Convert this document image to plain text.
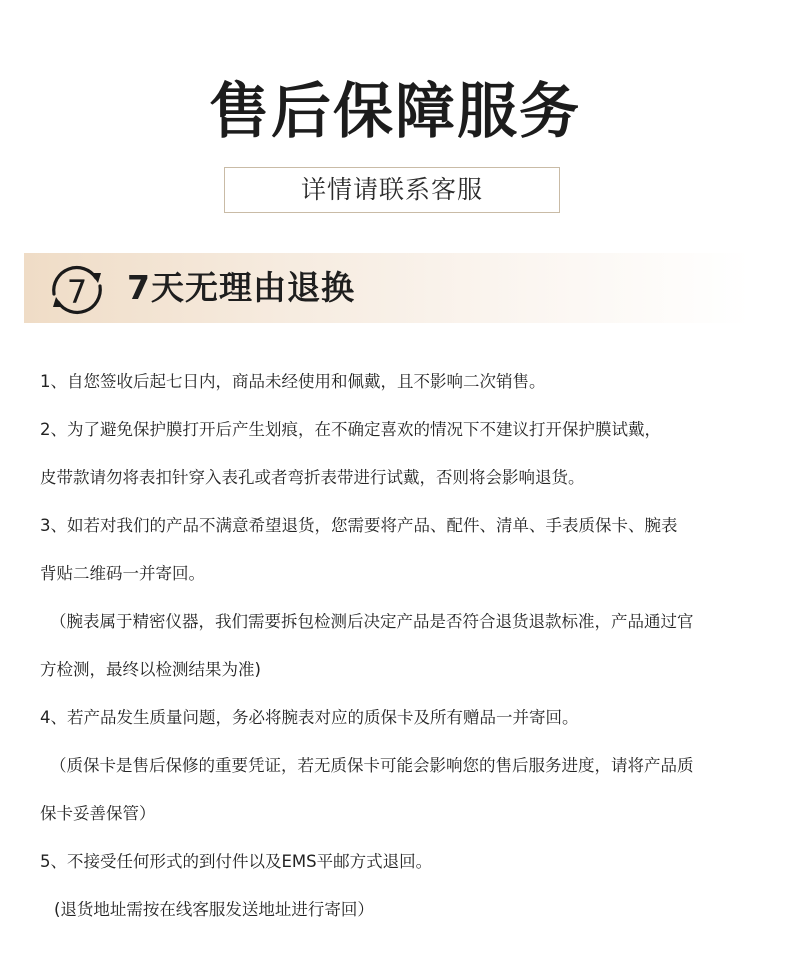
售后保障服务
详情请联系客服
7 7天无理由退换
1、自您签收后起七日内，商品未经使用和佩戴，且不影响二次销售。
2、为了避免保护膜打开后产生划痕，在不确定喜欢的情况下不建议打开保护膜试戴，
皮带款请勿将表扣针穿入表孔或者弯折表带进行试戴，否则将会影响退货。
3、如若对我们的产品不满意希望退货，您需要将产品、配件、清单、手表质保卡、腕表
背贴二维码一并寄回。
（腕表属于精密仪器，我们需要拆包检测后决定产品是否符合退货退款标准，产品通过官
方检测，最终以检测结果为准)
4、若产品发生质量问题，务必将腕表对应的质保卡及所有赠品一并寄回。
（质保卡是售后保修的重要凭证，若无质保卡可能会影响您的售后服务进度，请将产品质
保卡妥善保管）
5、不接受任何形式的到付件以及EMS平邮方式退回。
(退货地址需按在线客服发送地址进行寄回）
